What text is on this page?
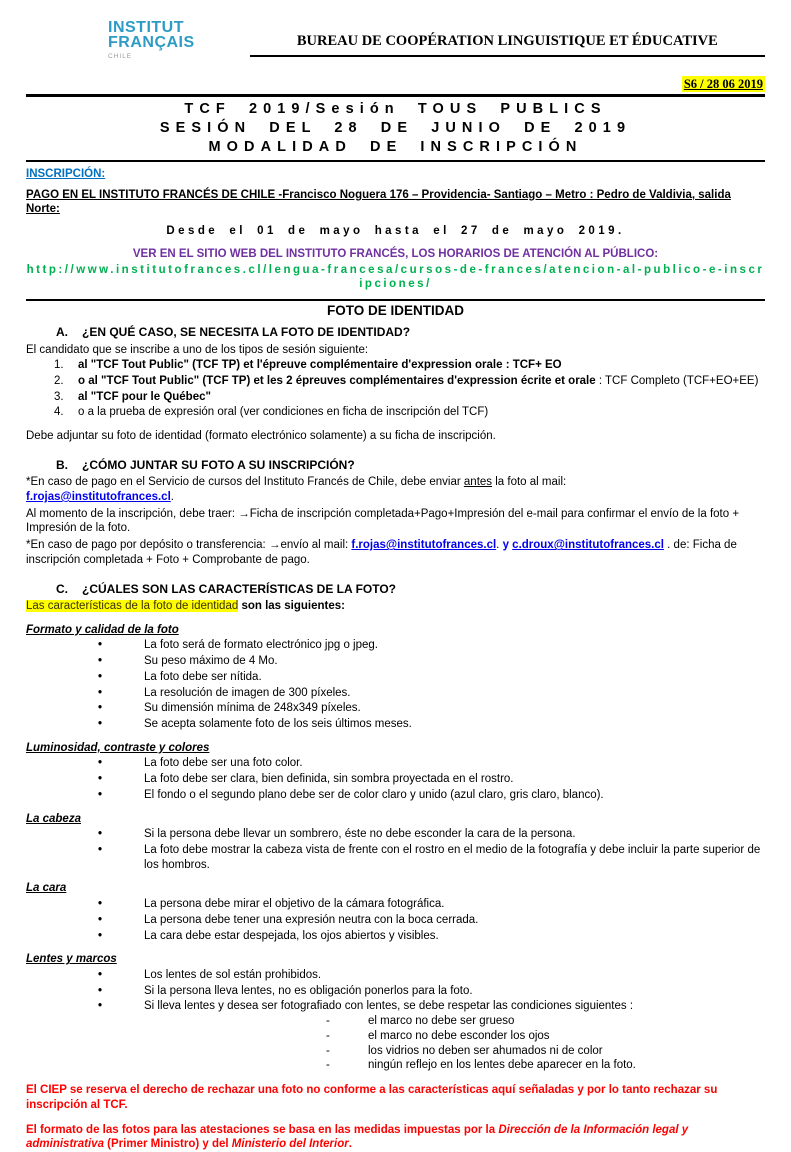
INSTITUT
FRANÇAIS
CHILE
BUREAU DE COOPÉRATION LINGUISTIQUE ET ÉDUCATIVE
S6 / 28 06 2019
TCF 2019/Sesión TOUS PUBLICS
SESIÓN DEL 28 DE JUNIO DE 2019
MODALIDAD DE INSCRIPCIÓN
INSCRIPCIÓN:
PAGO EN EL INSTITUTO FRANCÉS DE CHILE -Francisco Noguera 176 – Providencia- Santiago – Metro : Pedro de Valdivia, salida Norte:
Desde el 01 de mayo hasta el 27 de mayo 2019.
VER EN EL SITIO WEB DEL INSTITUTO FRANCÉS, LOS HORARIOS DE ATENCIÓN AL PÚBLICO:
http://www.institutofrances.cl/lengua-francesa/cursos-de-frances/atencion-al-publico-e-inscripciones/
FOTO DE IDENTIDAD
A.	¿EN QUÉ CASO, SE NECESITA LA FOTO DE IDENTIDAD?
El candidato que se inscribe a uno de los tipos de sesión siguiente:
1.	al "TCF Tout Public" (TCF TP) et l'épreuve complémentaire d'expression orale : TCF+ EO
2.	o al "TCF Tout Public" (TCF TP) et les 2 épreuves complémentaires d'expression écrite et orale : TCF Completo (TCF+EO+EE)
3.	al "TCF pour le Québec"
4.	o a la prueba de expresión oral (ver condiciones en ficha de inscripción del TCF)
Debe adjuntar su foto de identidad (formato electrónico solamente) a su ficha de inscripción.
B.	¿CÓMO JUNTAR SU FOTO A SU INSCRIPCIÓN?
*En caso de pago en el Servicio de cursos del Instituto Francés de Chile, debe enviar antes la foto al mail:
f.rojas@institutofrances.cl.
Al momento de la inscripción, debe traer: →Ficha de inscripción completada+Pago+Impresión del e-mail para confirmar el envío de la foto + Impresión de la foto.
*En caso de pago por depósito o transferencia: →envío al mail: f.rojas@institutofrances.cl. y c.droux@institutofrances.cl . de: Ficha de inscripción completada + Foto + Comprobante de pago.
C.	¿CÚALES SON LAS CARACTERÍSTICAS DE LA FOTO?
Las características de la foto de identidad son las siguientes:
Formato y calidad de la foto
• La foto será de formato electrónico jpg o jpeg.
• Su peso máximo de 4 Mo.
• La foto debe ser nítida.
• La resolución de imagen de 300 píxeles.
• Su dimensión mínima de 248x349 píxeles.
• Se acepta solamente foto de los seis últimos meses.
Luminosidad, contraste y colores
• La foto debe ser una foto color.
• La foto debe ser clara, bien definida, sin sombra proyectada en el rostro.
• El fondo o el segundo plano debe ser de color claro y unido (azul claro, gris claro, blanco).
La cabeza
• Si la persona debe llevar un sombrero, éste no debe esconder la cara de la persona.
• La foto debe mostrar la cabeza vista de frente con el rostro en el medio de la fotografía y debe incluir la parte superior de los hombros.
La cara
• La persona debe mirar el objetivo de la cámara fotográfica.
• La persona debe tener una expresión neutra con la boca cerrada.
• La cara debe estar despejada, los ojos abiertos y visibles.
Lentes y marcos
• Los lentes de sol están prohibidos.
• Si la persona lleva lentes, no es obligación ponerlos para la foto.
• Si lleva lentes y desea ser fotografiado con lentes, se debe respetar las condiciones siguientes :
- el marco no debe ser grueso
- el marco no debe esconder los ojos
- los vidrios no deben ser ahumados ni de color
- ningún reflejo en los lentes debe aparecer en la foto.
El CIEP se reserva el derecho de rechazar una foto no conforme a las características aquí señaladas y por lo tanto rechazar su inscripción al TCF.
El formato de las fotos para las atestaciones se basa en las medidas impuestas por la Dirección de la Información legal y administrativa (Primer Ministro) y del Ministerio del Interior.
